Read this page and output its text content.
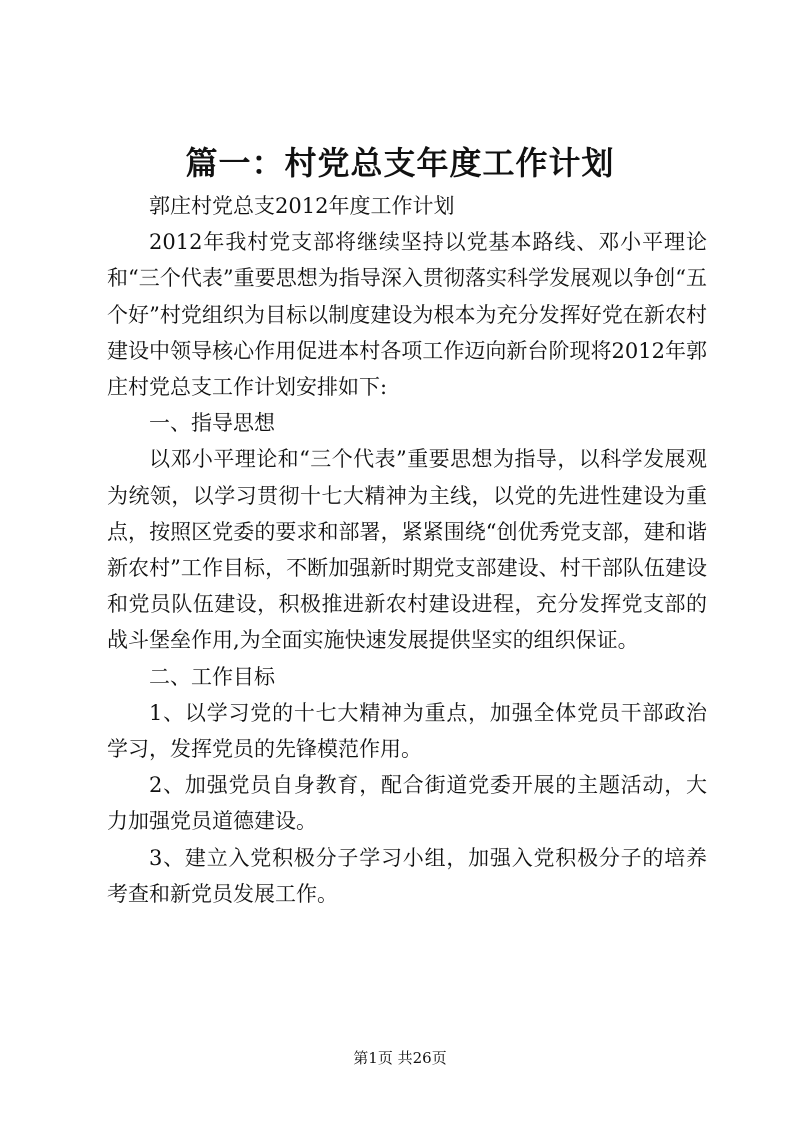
篇一：村党总支年度工作计划

郭庄村党总支2012年度工作计划

2012年我村党支部将继续坚持以党基本路线、邓小平理论和“三个代表”重要思想为指导深入贯彻落实科学发展观以争创“五个好”村党组织为目标以制度建设为根本为充分发挥好党在新农村建设中领导核心作用促进本村各项工作迈向新台阶现将2012年郭庄村党总支工作计划安排如下:

一、指导思想

以邓小平理论和“三个代表”重要思想为指导，以科学发展观为统领，以学习贯彻十七大精神为主线，以党的先进性建设为重点，按照区党委的要求和部署，紧紧围绕“创优秀党支部，建和谐新农村”工作目标，不断加强新时期党支部建设、村干部队伍建设和党员队伍建设，积极推进新农村建设进程，充分发挥党支部的战斗堡垒作用,为全面实施快速发展提供坚实的组织保证。

二、工作目标

1、以学习党的十七大精神为重点，加强全体党员干部政治学习，发挥党员的先锋模范作用。

2、加强党员自身教育，配合街道党委开展的主题活动，大力加强党员道德建设。

3、建立入党积极分子学习小组，加强入党积极分子的培养考查和新党员发展工作。

第1页 共26页
